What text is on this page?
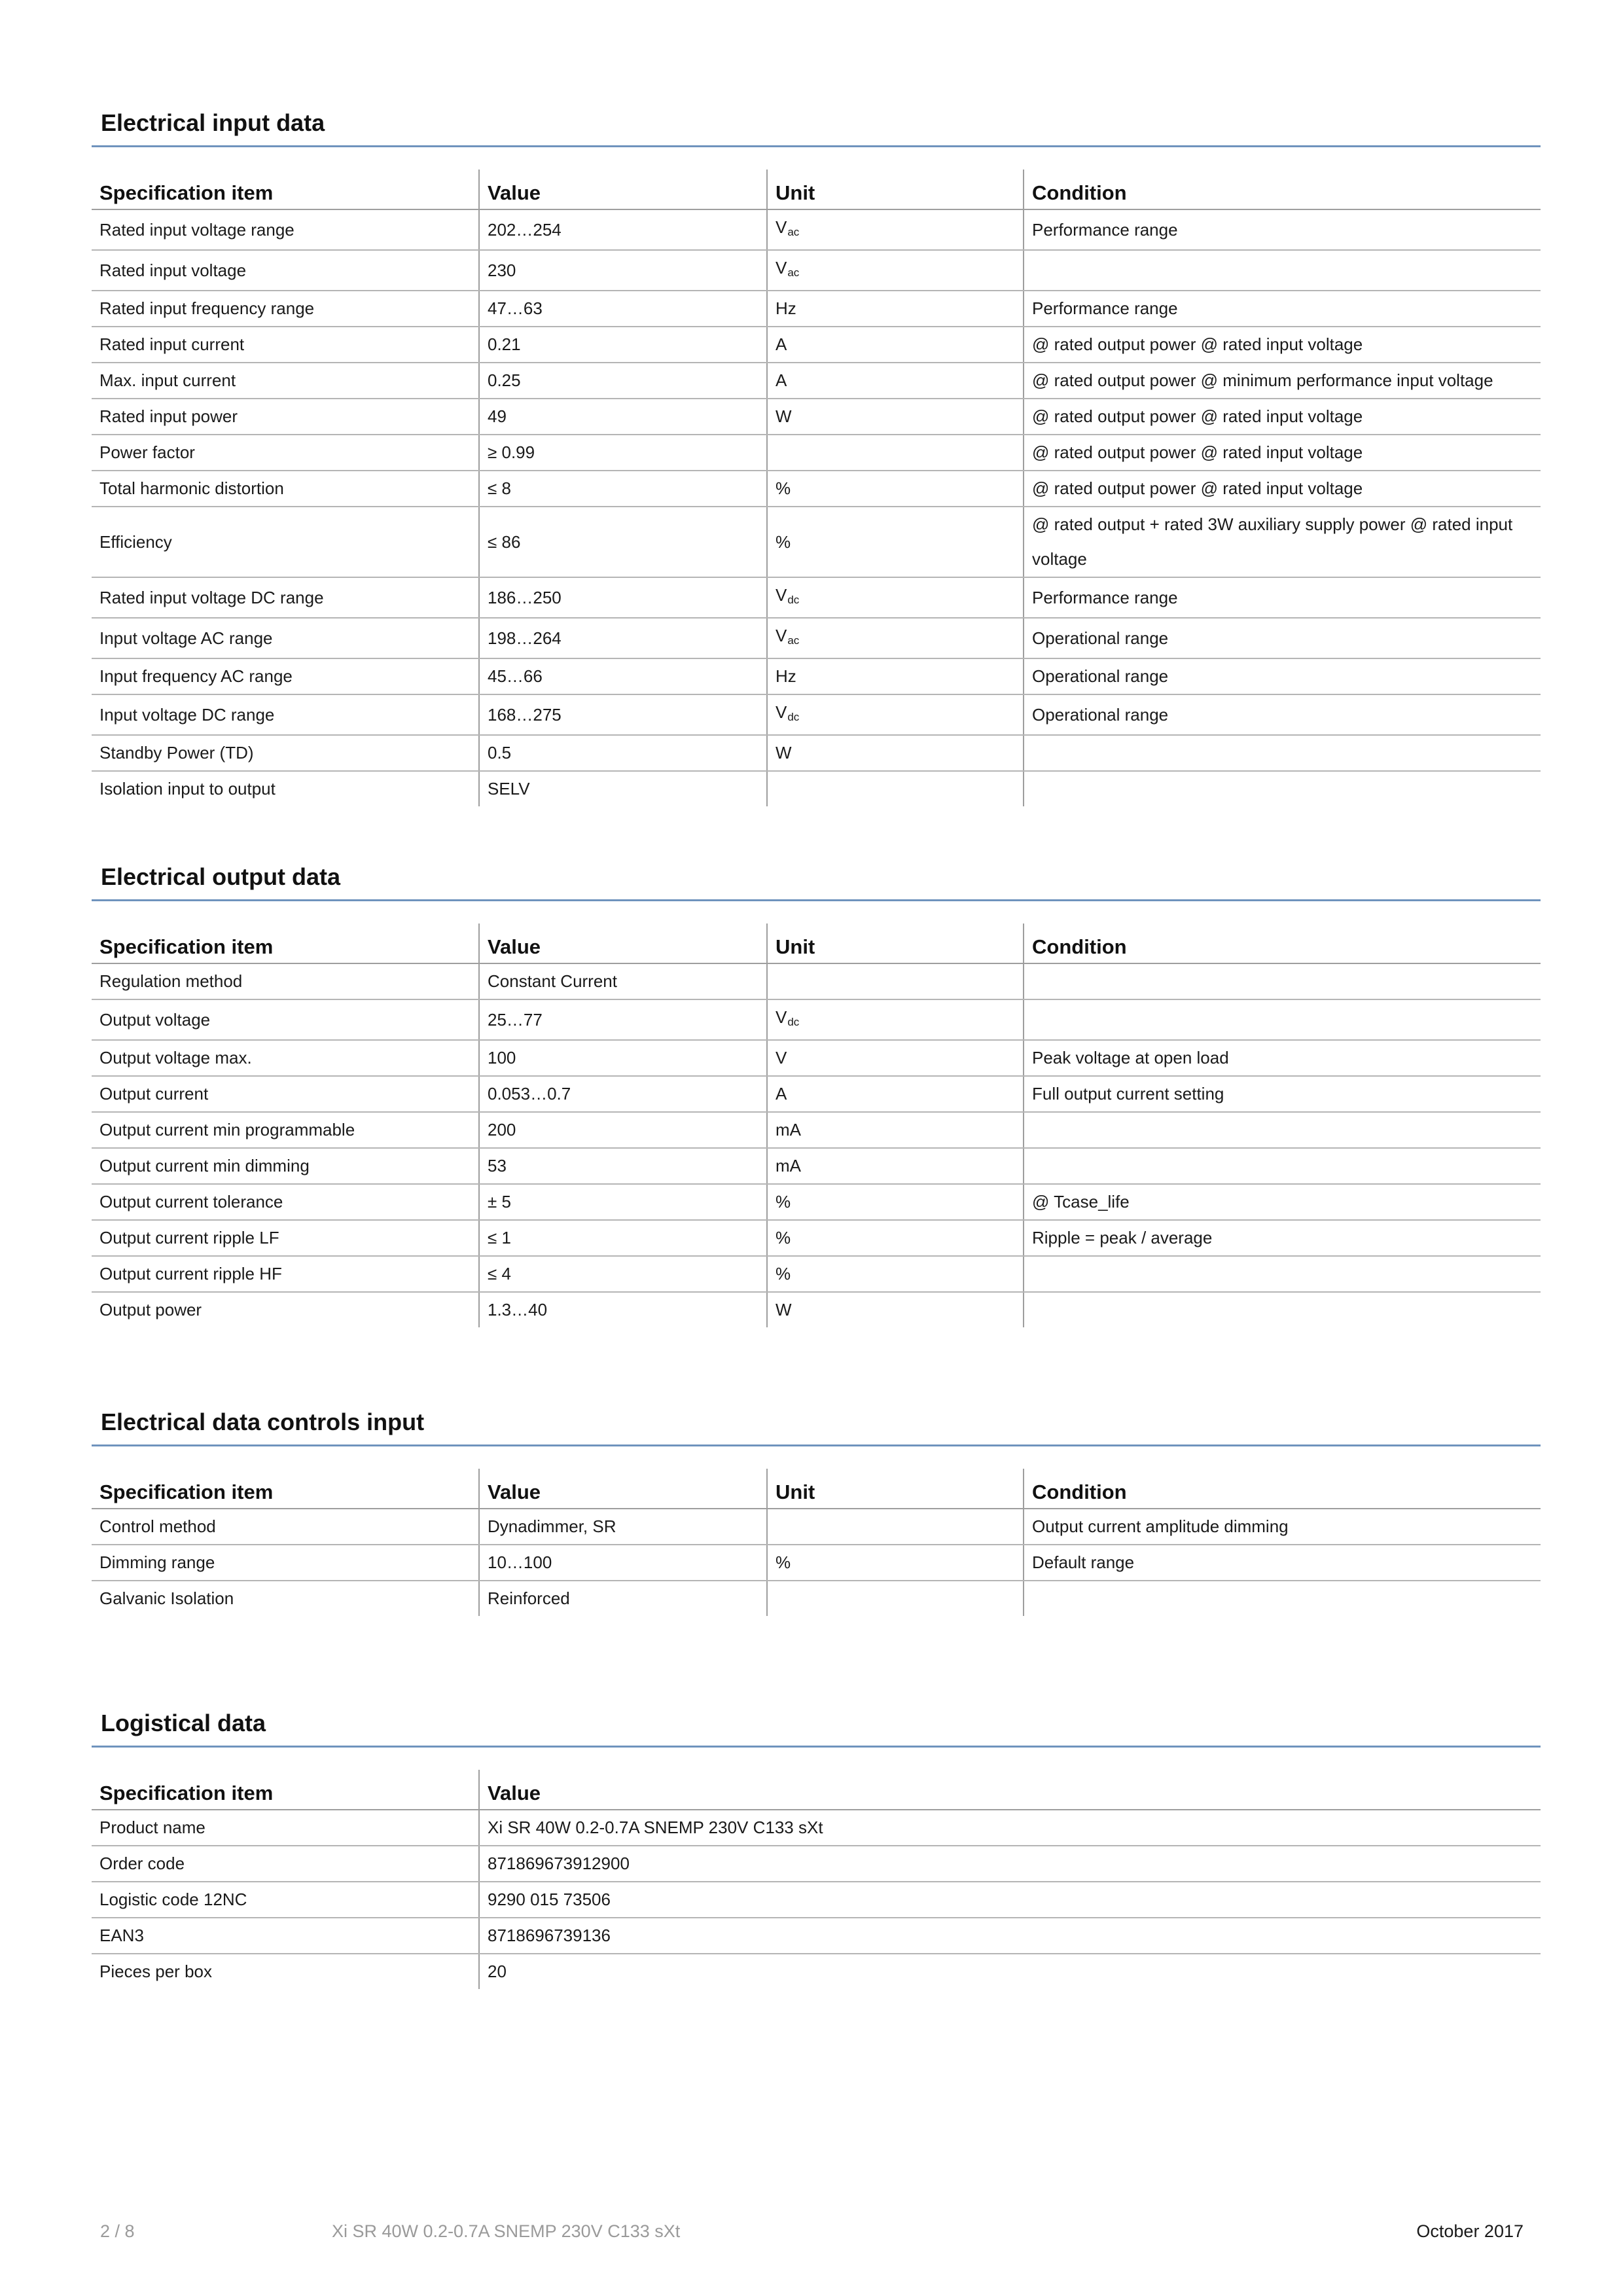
Electrical input data
Specification item	Value	Unit	Condition
Rated input voltage range	202…254	$V_{ac}$	Performance range
Rated input voltage	230	$V_{ac}$	
Rated input frequency range	47…63	Hz	Performance range
Rated input current	0.21	A	@ rated output power @ rated input voltage
Max. input current	0.25	A	@ rated output power @ minimum performance input voltage
Rated input power	49	W	@ rated output power @ rated input voltage
Power factor	≥ 0.99		@ rated output power @ rated input voltage
Total harmonic distortion	≤ 8	%	@ rated output power @ rated input voltage
Efficiency	≤ 86	%	@ rated output + rated 3W auxiliary supply power @ rated input voltage
Rated input voltage DC range	186…250	$V_{dc}$	Performance range
Input voltage AC range	198…264	$V_{ac}$	Operational range
Input frequency AC range	45…66	Hz	Operational range
Input voltage DC range	168…275	$V_{dc}$	Operational range
Standby Power (TD)	0.5	W	
Isolation input to output	SELV		
Electrical output data
Specification item	Value	Unit	Condition
Regulation method	Constant Current		
Output voltage	25…77	$V_{dc}$	
Output voltage max.	100	V	Peak voltage at open load
Output current	0.053…0.7	A	Full output current setting
Output current min programmable	200	mA	
Output current min dimming	53	mA	
Output current tolerance	± 5	%	@ Tcase_life
Output current ripple LF	≤ 1	%	Ripple = peak / average
Output current ripple HF	≤ 4	%	
Output power	1.3…40	W	
Electrical data controls input
Specification item	Value	Unit	Condition
Control method	Dynadimmer, SR		Output current amplitude dimming
Dimming range	10…100	%	Default range
Galvanic Isolation	Reinforced		
Logistical data
Specification item	Value
Product name	Xi SR 40W 0.2-0.7A SNEMP 230V C133 sXt
Order code	871869673912900
Logistic code 12NC	9290 015 73506
EAN3	8718696739136
Pieces per box	20
2 / 8	Xi SR 40W 0.2-0.7A SNEMP 230V C133 sXt	October 2017
